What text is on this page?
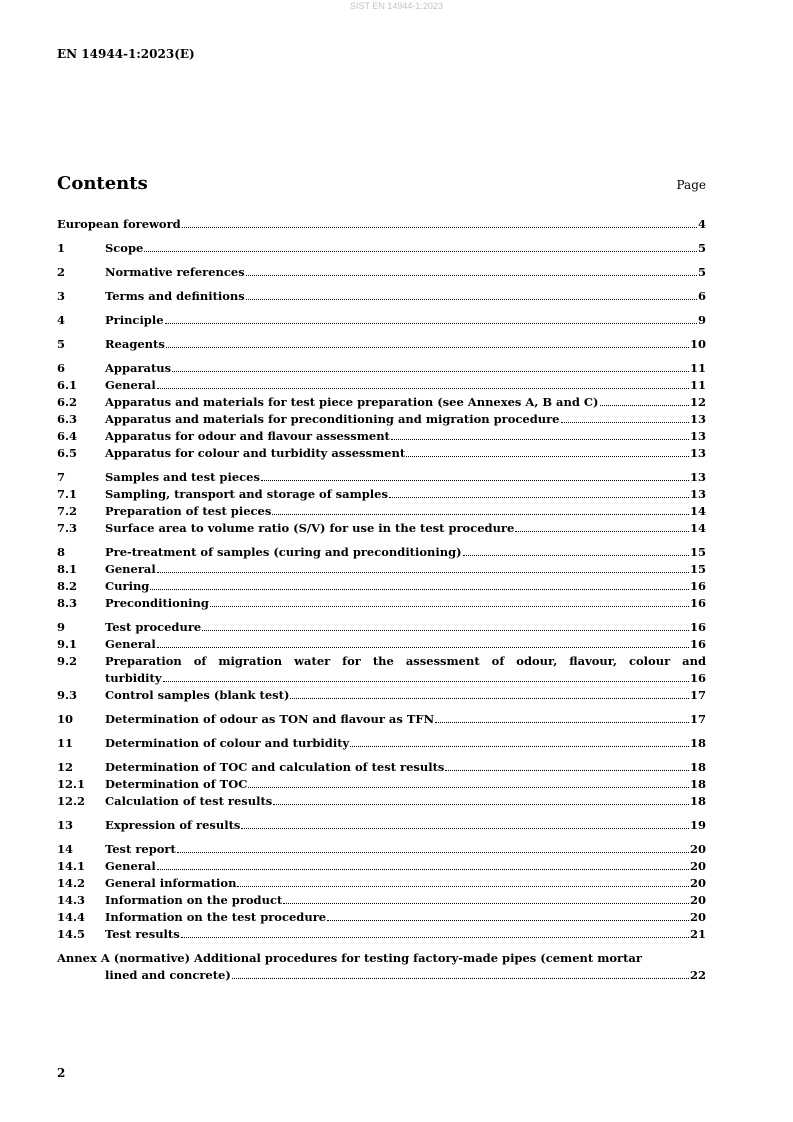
SIST EN 14944-1:2023
EN 14944-1:2023(E)
Contents	Page
European foreword	4
1	Scope	5
2	Normative references	5
3	Terms and definitions	6
4	Principle	9
5	Reagents	10
6	Apparatus	11
6.1	General	11
6.2	Apparatus and materials for test piece preparation (see Annexes A, B and C)	12
6.3	Apparatus and materials for preconditioning and migration procedure	13
6.4	Apparatus for odour and flavour assessment	13
6.5	Apparatus for colour and turbidity assessment	13
7	Samples and test pieces	13
7.1	Sampling, transport and storage of samples	13
7.2	Preparation of test pieces	14
7.3	Surface area to volume ratio (S/V) for use in the test procedure	14
8	Pre-treatment of samples (curing and preconditioning)	15
8.1	General	15
8.2	Curing	16
8.3	Preconditioning	16
9	Test procedure	16
9.1	General	16
9.2	Preparation of migration water for the assessment of odour, flavour, colour and
turbidity	16
9.3	Control samples (blank test)	17
10	Determination of odour as TON and flavour as TFN	17
11	Determination of colour and turbidity	18
12	Determination of TOC and calculation of test results	18
12.1	Determination of TOC	18
12.2	Calculation of test results	18
13	Expression of results	19
14	Test report	20
14.1	General	20
14.2	General information	20
14.3	Information on the product	20
14.4	Information on the test procedure	20
14.5	Test results	21
Annex A (normative) Additional procedures for testing factory-made pipes (cement mortar
lined and concrete)	22
2
